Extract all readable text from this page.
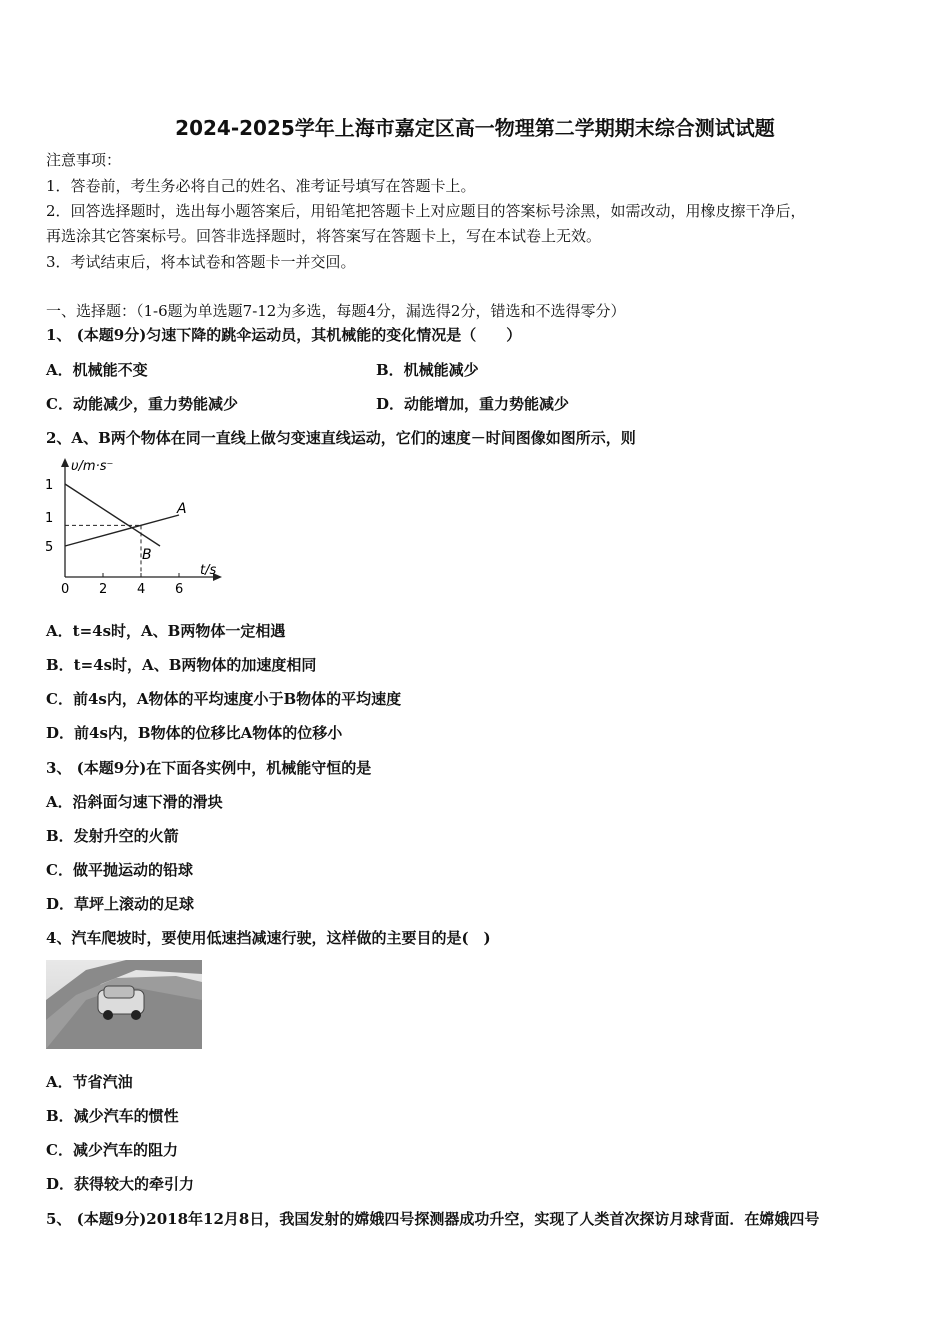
2024-2025学年上海市嘉定区高一物理第二学期期末综合测试试题
注意事项：
1．答卷前，考生务必将自己的姓名、准考证号填写在答题卡上。
2．回答选择题时，选出每小题答案后，用铅笔把答题卡上对应题目的答案标号涂黑，如需改动，用橡皮擦干净后，
再选涂其它答案标号。回答非选择题时，将答案写在答题卡上，写在本试卷上无效。
3．考试结束后，将本试卷和答题卡一并交回。
一、选择题：（1-6题为单选题7-12为多选，每题4分，漏选得2分，错选和不选得零分）
1、 (本题9分)匀速下降的跳伞运动员，其机械能的变化情况是（　　）
A．机械能不变	B．机械能减少
C．动能减少，重力势能减少	D．动能增加，重力势能减少
2、A、B两个物体在同一直线上做匀变速直线运动，它们的速度－时间图像如图所示，则
υ/m·s⁻
t/s
0 2 4 6
1
1
5
A
B
A．t=4s时，A、B两物体一定相遇
B．t=4s时，A、B两物体的加速度相同
C．前4s内，A物体的平均速度小于B物体的平均速度
D．前4s内，B物体的位移比A物体的位移小
3、 (本题9分)在下面各实例中，机械能守恒的是
A．沿斜面匀速下滑的滑块
B．发射升空的火箭
C．做平抛运动的铅球
D．草坪上滚动的足球
4、汽车爬坡时，要使用低速挡减速行驶，这样做的主要目的是(　)
A．节省汽油
B．减少汽车的惯性
C．减少汽车的阻力
D．获得较大的牵引力
5、 (本题9分)2018年12月8日，我国发射的嫦娥四号探测器成功升空，实现了人类首次探访月球背面．在嫦娥四号
